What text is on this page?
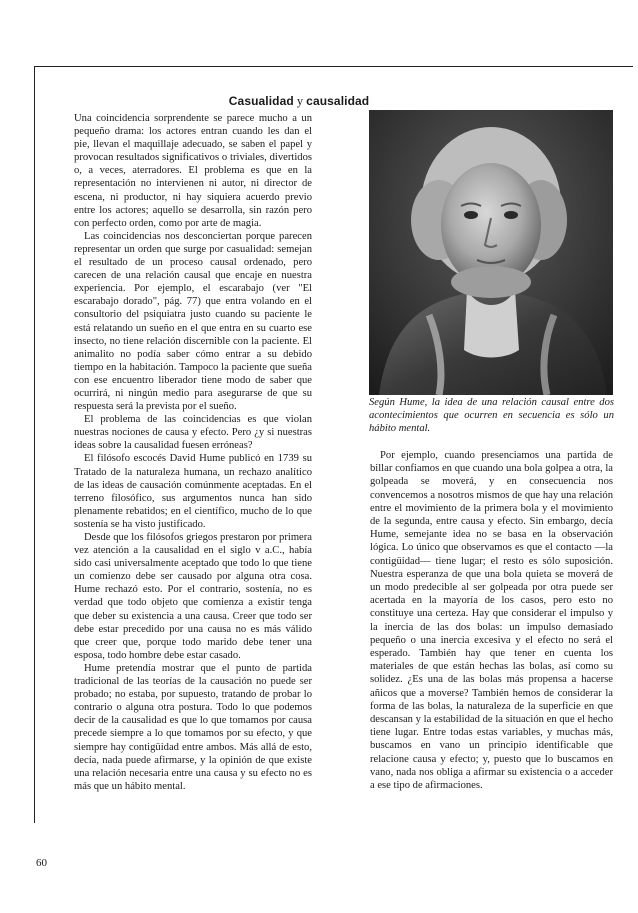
Casualidad y causalidad

Una coincidencia sorprendente se parece mucho a un pequeño drama: los actores entran cuando les dan el pie, llevan el maquillaje adecuado, se saben el papel y provocan resultados significativos o triviales, divertidos o, a veces, aterradores. El problema es que en la representación no intervienen ni autor, ni director de escena, ni productor, ni hay siquiera acuerdo previo entre los actores; aquello se desarrolla, sin razón pero con perfecto orden, como por arte de magia.

Las coincidencias nos desconciertan porque parecen representar un orden que surge por casualidad: semejan el resultado de un proceso causal ordenado, pero carecen de una relación causal que encaje en nuestra experiencia. Por ejemplo, el escarabajo (ver "El escarabajo dorado", pág. 77) que entra volando en el consultorio del psiquiatra justo cuando su paciente le está relatando un sueño en el que entra en su cuarto ese insecto, no tiene relación discernible con la paciente. El animalito no podía saber cómo entrar a su debido tiempo en la habitación. Tampoco la paciente que sueña con ese encuentro liberador tiene modo de saber que ocurrirá, ni ningún medio para asegurarse de que su respuesta será la prevista por el sueño.

El problema de las coincidencias es que violan nuestras nociones de causa y efecto. Pero ¿y si nuestras ideas sobre la causalidad fuesen erróneas?

El filósofo escocés David Hume publicó en 1739 su Tratado de la naturaleza humana, un rechazo analítico de las ideas de causación comúnmente aceptadas. En el terreno filosófico, sus argumentos nunca han sido plenamente rebatidos; en el científico, mucho de lo que sostenía se ha visto justificado.

Desde que los filósofos griegos prestaron por primera vez atención a la causalidad en el siglo v a.C., había sido casi universalmente aceptado que todo lo que tiene un comienzo debe ser causado por alguna otra cosa. Hume rechazó esto. Por el contrario, sostenía, no es verdad que todo objeto que comienza a existir tenga que deber su existencia a una causa. Creer que todo ser debe estar precedido por una causa no es más válido que creer que, porque todo marido debe tener una esposa, todo hombre debe estar casado.

Hume pretendía mostrar que el punto de partida tradicional de las teorías de la causación no puede ser probado; no estaba, por supuesto, tratando de probar lo contrario o alguna otra postura. Todo lo que podemos decir de la causalidad es que lo que tomamos por causa precede siempre a lo que tomamos por su efecto, y que siempre hay contigüidad entre ambos. Más allá de esto, decía, nada puede afirmarse, y la opinión de que existe una relación necesaria entre una causa y su efecto no es más que un hábito mental.

Según Hume, la idea de una relación causal entre dos acontecimientos que ocurren en secuencia es sólo un hábito mental.

Por ejemplo, cuando presenciamos una partida de billar confiamos en que cuando una bola golpea a otra, la golpeada se moverá, y en consecuencia nos convencemos a nosotros mismos de que hay una relación entre el movimiento de la primera bola y el movimiento de la segunda, entre causa y efecto. Sin embargo, decía Hume, semejante idea no se basa en la observación lógica. Lo único que observamos es que el contacto —la contigüidad— tiene lugar; el resto es sólo suposición. Nuestra esperanza de que una bola quieta se moverá de un modo predecible al ser golpeada por otra puede ser acertada en la mayoría de los casos, pero esto no constituye una certeza. Hay que considerar el impulso y la inercia de las dos bolas: un impulso demasiado pequeño o una inercia excesiva y el efecto no será el esperado. También hay que tener en cuenta los materiales de que están hechas las bolas, así como su solidez. ¿Es una de las bolas más propensa a hacerse añicos que a moverse? También hemos de considerar la forma de las bolas, la naturaleza de la superficie en que descansan y la estabilidad de la situación en que el hecho tiene lugar. Entre todas estas variables, y muchas más, buscamos en vano un principio identificable que relacione causa y efecto; y, puesto que lo buscamos en vano, nada nos obliga a afirmar su existencia o a acceder a ese tipo de afirmaciones.

60
